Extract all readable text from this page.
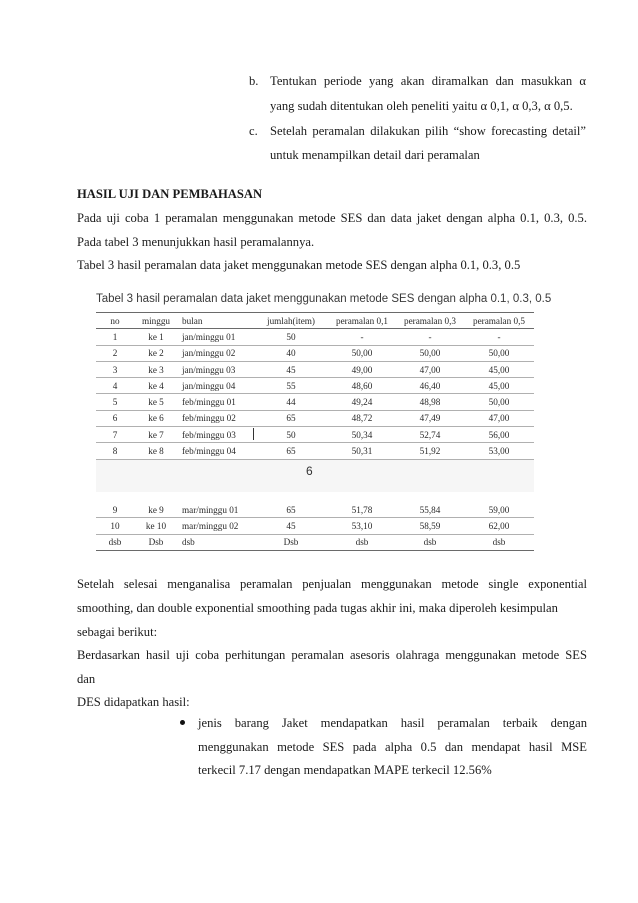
b. Tentukan periode yang akan diramalkan dan masukkan α
yang sudah ditentukan oleh peneliti yaitu α 0,1, α 0,3, α 0,5.
c. Setelah peramalan dilakukan pilih “show forecasting detail”
untuk menampilkan detail dari peramalan
HASIL UJI DAN PEMBAHASAN
Pada uji coba 1 peramalan menggunakan metode SES dan data jaket dengan alpha 0.1, 0.3, 0.5.
Pada tabel 3 menunjukkan hasil peramalannya.
Tabel 3 hasil peramalan data jaket menggunakan metode SES dengan alpha 0.1, 0.3, 0.5
Tabel 3 hasil peramalan data jaket menggunakan metode SES dengan alpha 0.1, 0.3, 0.5
no	minggu	bulan	jumlah(item)	peramalan 0,1	peramalan 0,3	peramalan 0,5
1	ke 1	jan/minggu 01	50	-	-	-
2	ke 2	jan/minggu 02	40	50,00	50,00	50,00
3	ke 3	jan/minggu 03	45	49,00	47,00	45,00
4	ke 4	jan/minggu 04	55	48,60	46,40	45,00
5	ke 5	feb/minggu 01	44	49,24	48,98	50,00
6	ke 6	feb/minggu 02	65	48,72	47,49	47,00
7	ke 7	feb/minggu 03	50	50,34	52,74	56,00
8	ke 8	feb/minggu 04	65	50,31	51,92	53,00
6
9	ke 9	mar/minggu 01	65	51,78	55,84	59,00
10	ke 10	mar/minggu 02	45	53,10	58,59	62,00
dsb	Dsb	dsb	Dsb	dsb	dsb	dsb
Setelah selesai menganalisa peramalan penjualan menggunakan metode single exponential
smoothing, dan double exponential smoothing pada tugas akhir ini, maka diperoleh kesimpulan
sebagai berikut:
Berdasarkan hasil uji coba perhitungan peramalan asesoris olahraga menggunakan metode SES
dan
DES didapatkan hasil:
jenis barang Jaket mendapatkan hasil peramalan terbaik dengan
menggunakan metode SES pada alpha 0.5 dan mendapat hasil MSE
terkecil 7.17 dengan mendapatkan MAPE terkecil 12.56%
